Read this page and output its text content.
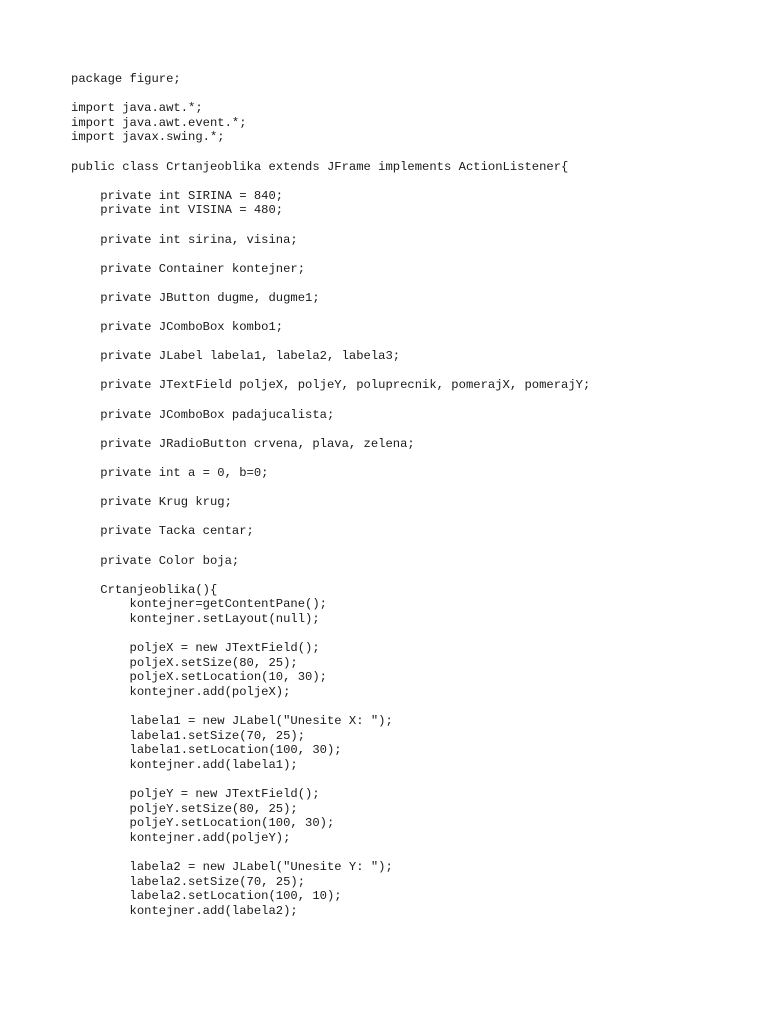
package figure;
import java.awt.*;
import java.awt.event.*;
import javax.swing.*;
public class Crtanjeoblika extends JFrame implements ActionListener{
private int SIRINA = 840;
private int VISINA = 480;
private int sirina, visina;
private Container kontejner;
private JButton dugme, dugme1;
private JComboBox kombo1;
private JLabel labela1, labela2, labela3;
private JTextField poljeX, poljeY, poluprecnik, pomerajX, pomerajY;
private JComboBox padajucalista;
private JRadioButton crvena, plava, zelena;
private int a = 0, b=0;
private Krug krug;
private Tacka centar;
private Color boja;
Crtanjeoblika(){
kontejner=getContentPane();
kontejner.setLayout(null);
poljeX = new JTextField();
poljeX.setSize(80, 25);
poljeX.setLocation(10, 30);
kontejner.add(poljeX);
labela1 = new JLabel("Unesite X: ");
labela1.setSize(70, 25);
labela1.setLocation(100, 30);
kontejner.add(labela1);
poljeY = new JTextField();
poljeY.setSize(80, 25);
poljeY.setLocation(100, 30);
kontejner.add(poljeY);
labela2 = new JLabel("Unesite Y: ");
labela2.setSize(70, 25);
labela2.setLocation(100, 10);
kontejner.add(labela2);
